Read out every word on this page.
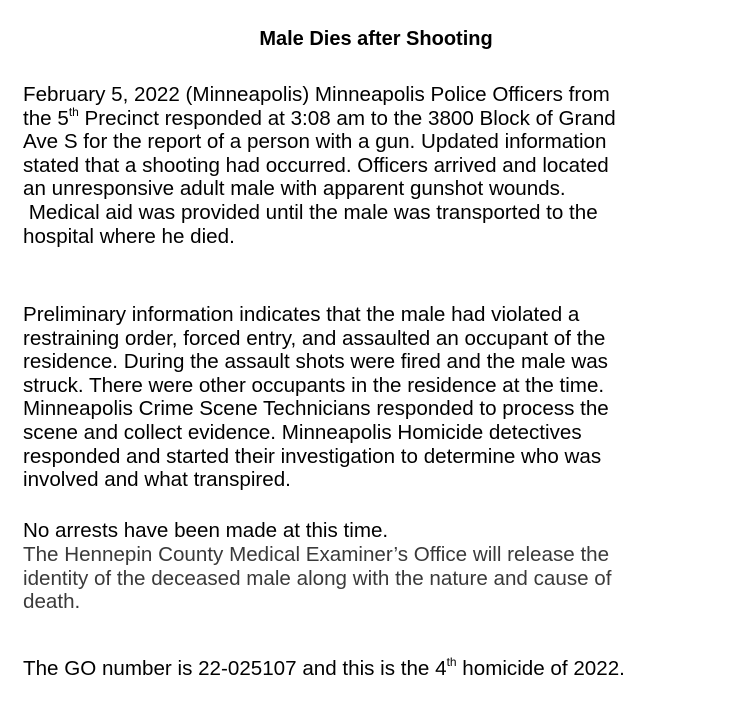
Male Dies after Shooting

February 5, 2022 (Minneapolis) Minneapolis Police Officers from
the 5th Precinct responded at 3:08 am to the 3800 Block of Grand
Ave S for the report of a person with a gun. Updated information
stated that a shooting had occurred. Officers arrived and located
an unresponsive adult male with apparent gunshot wounds.
Medical aid was provided until the male was transported to the
hospital where he died.

Preliminary information indicates that the male had violated a
restraining order, forced entry, and assaulted an occupant of the
residence. During the assault shots were fired and the male was
struck. There were other occupants in the residence at the time.
Minneapolis Crime Scene Technicians responded to process the
scene and collect evidence. Minneapolis Homicide detectives
responded and started their investigation to determine who was
involved and what transpired.

No arrests have been made at this time.

The Hennepin County Medical Examiner’s Office will release the
identity of the deceased male along with the nature and cause of
death.

The GO number is 22-025107 and this is the 4th homicide of 2022.
